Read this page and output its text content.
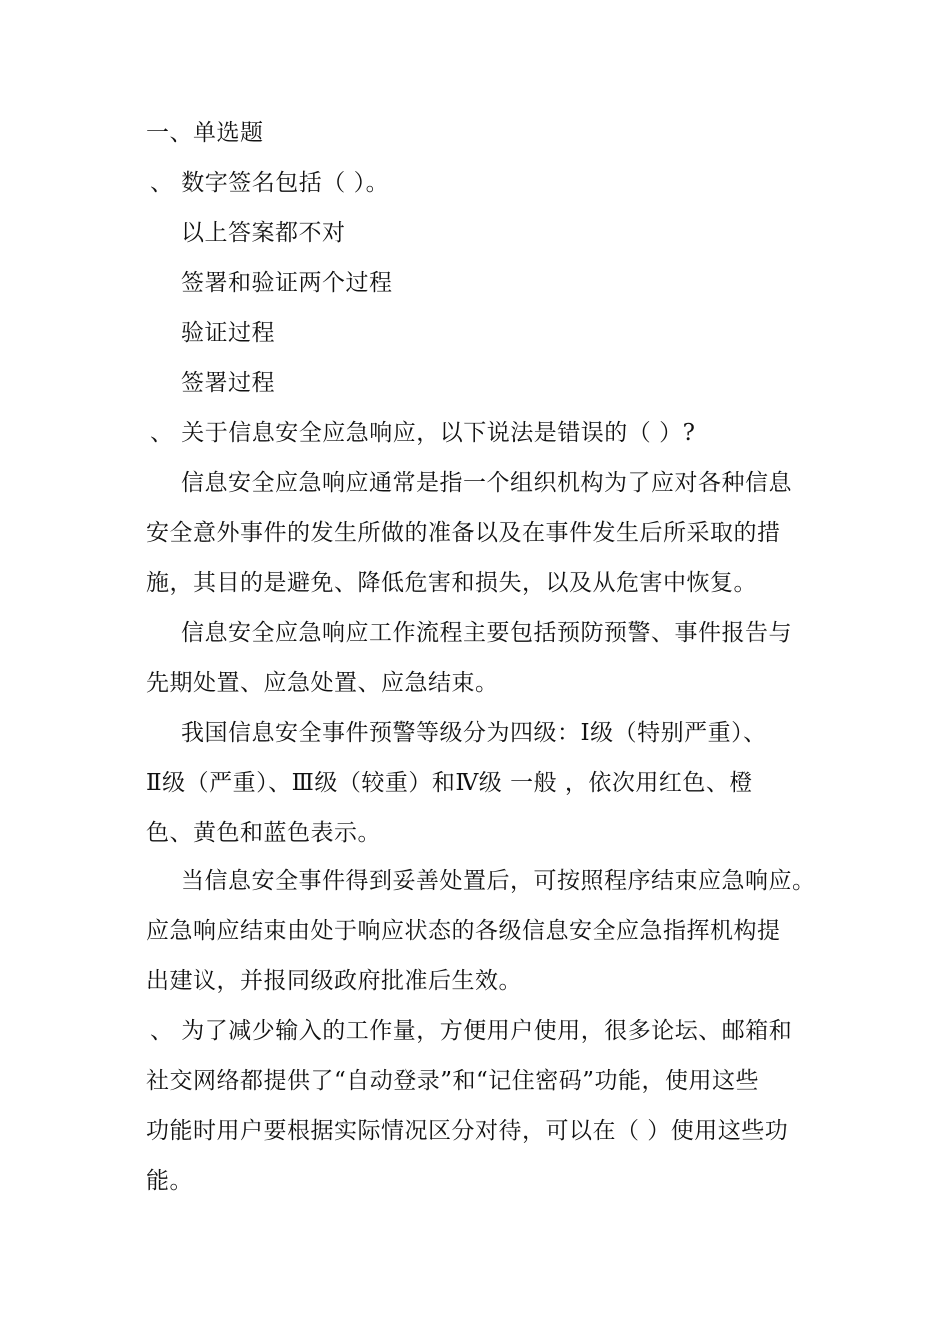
一、单选题
、 数字签名包括（ ）。
以上答案都不对
签署和验证两个过程
验证过程
签署过程
、 关于信息安全应急响应，以下说法是错误的（ ）?
信息安全应急响应通常是指一个组织机构为了应对各种信息
安全意外事件的发生所做的准备以及在事件发生后所采取的措
施，其目的是避免、降低危害和损失，以及从危害中恢复。
信息安全应急响应工作流程主要包括预防预警、事件报告与
先期处置、应急处置、应急结束。
我国信息安全事件预警等级分为四级：Ⅰ级（特别严重）、
Ⅱ级（严重）、Ⅲ级（较重）和Ⅳ级 一般 ，依次用红色、橙
色、黄色和蓝色表示。
当信息安全事件得到妥善处置后，可按照程序结束应急响应。
应急响应结束由处于响应状态的各级信息安全应急指挥机构提
出建议，并报同级政府批准后生效。
、 为了减少输入的工作量，方便用户使用，很多论坛、邮箱和
社交网络都提供了“自动登录”和“记住密码”功能，使用这些
功能时用户要根据实际情况区分对待，可以在（ ）使用这些功
能。
